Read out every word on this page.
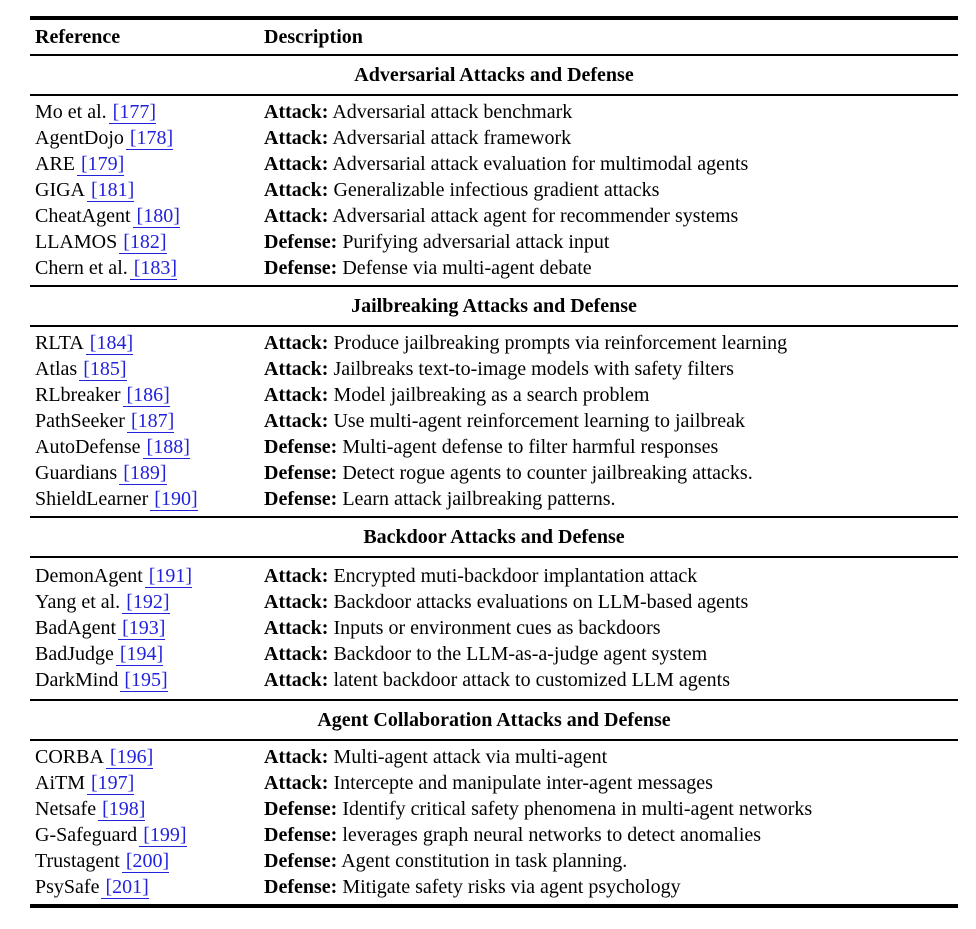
Reference	Description
Adversarial Attacks and Defense
Mo et al. [177]	Attack: Adversarial attack benchmark
AgentDojo [178]	Attack: Adversarial attack framework
ARE [179]	Attack: Adversarial attack evaluation for multimodal agents
GIGA [181]	Attack: Generalizable infectious gradient attacks
CheatAgent [180]	Attack: Adversarial attack agent for recommender systems
LLAMOS [182]	Defense: Purifying adversarial attack input
Chern et al. [183]	Defense: Defense via multi-agent debate
Jailbreaking Attacks and Defense
RLTA [184]	Attack: Produce jailbreaking prompts via reinforcement learning
Atlas [185]	Attack: Jailbreaks text-to-image models with safety filters
RLbreaker [186]	Attack: Model jailbreaking as a search problem
PathSeeker [187]	Attack: Use multi-agent reinforcement learning to jailbreak
AutoDefense [188]	Defense: Multi-agent defense to filter harmful responses
Guardians [189]	Defense: Detect rogue agents to counter jailbreaking attacks.
ShieldLearner [190]	Defense: Learn attack jailbreaking patterns.
Backdoor Attacks and Defense
DemonAgent [191]	Attack: Encrypted muti-backdoor implantation attack
Yang et al. [192]	Attack: Backdoor attacks evaluations on LLM-based agents
BadAgent [193]	Attack: Inputs or environment cues as backdoors
BadJudge [194]	Attack: Backdoor to the LLM-as-a-judge agent system
DarkMind [195]	Attack: latent backdoor attack to customized LLM agents
Agent Collaboration Attacks and Defense
CORBA [196]	Attack: Multi-agent attack via multi-agent
AiTM [197]	Attack: Intercepte and manipulate inter-agent messages
Netsafe [198]	Defense: Identify critical safety phenomena in multi-agent networks
G-Safeguard [199]	Defense: leverages graph neural networks to detect anomalies
Trustagent [200]	Defense: Agent constitution in task planning.
PsySafe [201]	Defense: Mitigate safety risks via agent psychology
